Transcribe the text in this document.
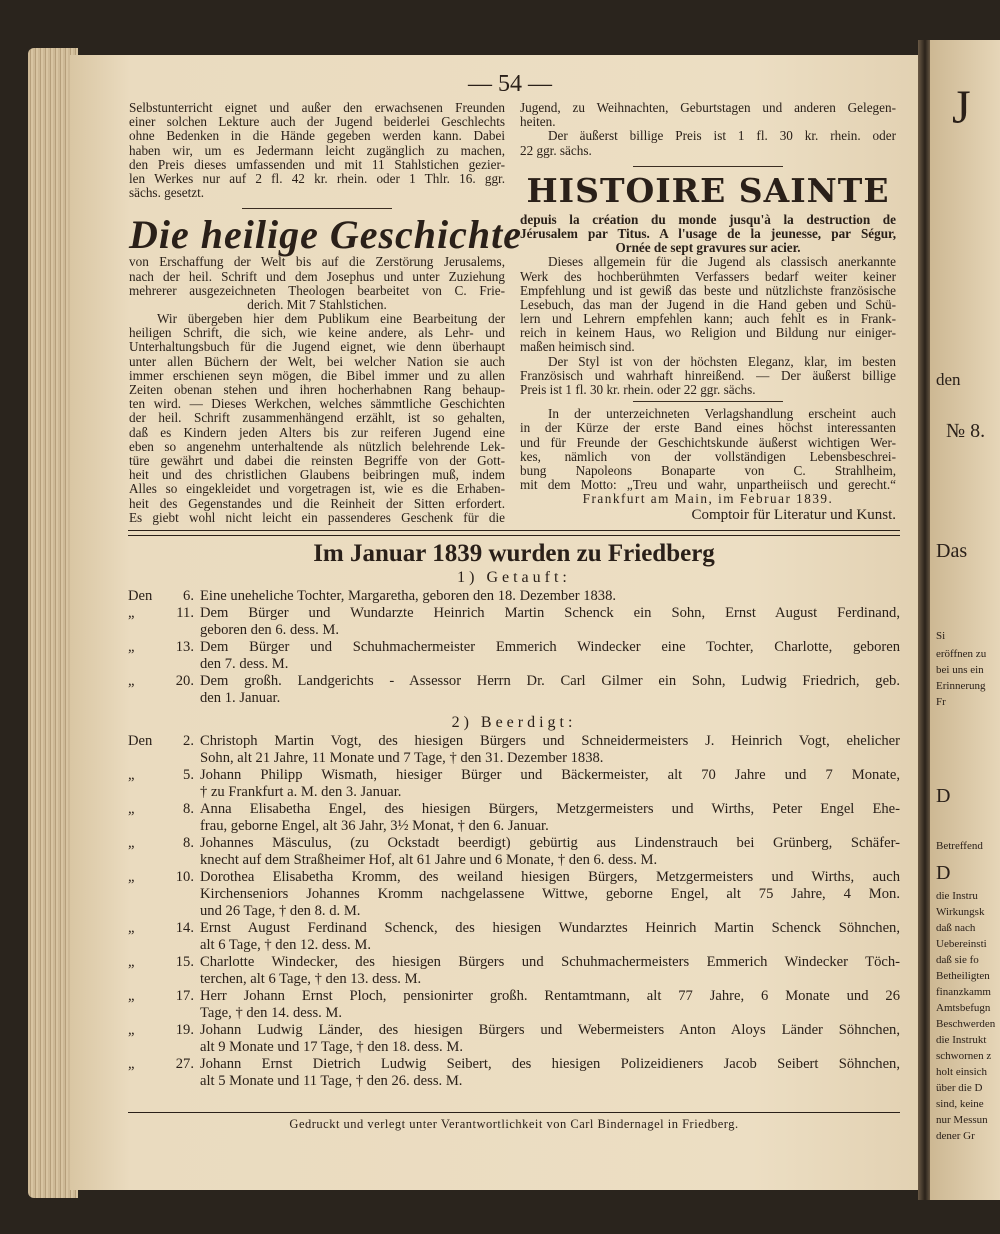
J
den
№ 8.
Das
Si
eröffnen zu
bei uns ein
Erinnerung
Fr
D
Betreffend
D
die Instru
Wirkungsk
daß nach
Uebereinsti
daß sie fo
Betheiligten
finanzkamm
Amtsbefugn
Beschwerden
die Instrukt
schwornen z
holt einsich
über die D
sind, keine
nur Messun
dener Gr
— 54 —
Selbstunterricht eignet und außer den erwachsenen Freunden
einer solchen Lekture auch der Jugend beiderlei Geschlechts
ohne Bedenken in die Hände gegeben werden kann. Dabei
haben wir, um es Jedermann leicht zugänglich zu machen,
den Preis dieses umfassenden und mit 11 Stahlstichen gezier-
len Werkes nur auf 2 fl. 42 kr. rhein. oder 1 Thlr. 16. ggr.
sächs. gesetzt.
Die heilige Geschichte
von Erschaffung der Welt bis auf die Zerstörung Jerusalems,
nach der heil. Schrift und dem Josephus und unter Zuziehung
mehrerer ausgezeichneten Theologen bearbeitet von C. Frie-
derich. Mit 7 Stahlstichen.
Wir übergeben hier dem Publikum eine Bearbeitung der
heiligen Schrift, die sich, wie keine andere, als Lehr- und
Unterhaltungsbuch für die Jugend eignet, wie denn überhaupt
unter allen Büchern der Welt, bei welcher Nation sie auch
immer erschienen seyn mögen, die Bibel immer und zu allen
Zeiten obenan stehen und ihren hocherhabnen Rang behaup-
ten wird. — Dieses Werkchen, welches sämmtliche Geschichten
der heil. Schrift zusammenhängend erzählt, ist so gehalten,
daß es Kindern jeden Alters bis zur reiferen Jugend eine
eben so angenehm unterhaltende als nützlich belehrende Lek-
türe gewährt und dabei die reinsten Begriffe von der Gott-
heit und des christlichen Glaubens beibringen muß, indem
Alles so eingekleidet und vorgetragen ist, wie es die Erhaben-
heit des Gegenstandes und die Reinheit der Sitten erfordert.
Es giebt wohl nicht leicht ein passenderes Geschenk für die
Jugend, zu Weihnachten, Geburtstagen und anderen Gelegen-
heiten.
Der äußerst billige Preis ist 1 fl. 30 kr. rhein. oder
22 ggr. sächs.
HISTOIRE SAINTE
depuis la création du monde jusqu'à la destruction de
Jérusalem par Titus. A l'usage de la jeunesse, par Ségur,
Ornée de sept gravures sur acier.
Dieses allgemein für die Jugend als classisch anerkannte
Werk des hochberühmten Verfassers bedarf weiter keiner
Empfehlung und ist gewiß das beste und nützlichste französische
Lesebuch, das man der Jugend in die Hand geben und Schü-
lern und Lehrern empfehlen kann; auch fehlt es in Frank-
reich in keinem Haus, wo Religion und Bildung nur einiger-
maßen heimisch sind.
Der Styl ist von der höchsten Eleganz, klar, im besten
Französisch und wahrhaft hinreißend. — Der äußerst billige
Preis ist 1 fl. 30 kr. rhein. oder 22 ggr. sächs.
In der unterzeichneten Verlagshandlung erscheint auch
in der Kürze der erste Band eines höchst interessanten
und für Freunde der Geschichtskunde äußerst wichtigen Wer-
kes, nämlich von der vollständigen Lebensbeschrei-
bung Napoleons Bonaparte von C. Strahlheim,
mit dem Motto: „Treu und wahr, unpartheiisch und gerecht.“
Frankfurt am Main, im Februar 1839.
Comptoir für Literatur und Kunst.
Im Januar 1839 wurden zu Friedberg
1) Getauft:
Den	6. Eine uneheliche Tochter, Margaretha, geboren den 18. Dezember 1838.
„	11. Dem Bürger und Wundarzte Heinrich Martin Schenck ein Sohn, Ernst August Ferdinand,
geboren den 6. dess. M.
„	13. Dem Bürger und Schuhmachermeister Emmerich Windecker eine Tochter, Charlotte, geboren
den 7. dess. M.
„	20. Dem großh. Landgerichts - Assessor Herrn Dr. Carl Gilmer ein Sohn, Ludwig Friedrich, geb.
den 1. Januar.
2) Beerdigt:
Den	2. Christoph Martin Vogt, des hiesigen Bürgers und Schneidermeisters J. Heinrich Vogt, ehelicher
Sohn, alt 21 Jahre, 11 Monate und 7 Tage, † den 31. Dezember 1838.
„	5. Johann Philipp Wismath, hiesiger Bürger und Bäckermeister, alt 70 Jahre und 7 Monate,
† zu Frankfurt a. M. den 3. Januar.
„	8. Anna Elisabetha Engel, des hiesigen Bürgers, Metzgermeisters und Wirths, Peter Engel Ehe-
frau, geborne Engel, alt 36 Jahr, 3½ Monat, † den 6. Januar.
„	8. Johannes Mäsculus, (zu Ockstadt beerdigt) gebürtig aus Lindenstrauch bei Grünberg, Schäfer-
knecht auf dem Straßheimer Hof, alt 61 Jahre und 6 Monate, † den 6. dess. M.
„	10. Dorothea Elisabetha Kromm, des weiland hiesigen Bürgers, Metzgermeisters und Wirths, auch
Kirchenseniors Johannes Kromm nachgelassene Wittwe, geborne Engel, alt 75 Jahre, 4 Mon.
und 26 Tage, † den 8. d. M.
„	14. Ernst August Ferdinand Schenck, des hiesigen Wundarztes Heinrich Martin Schenck Söhnchen,
alt 6 Tage, † den 12. dess. M.
„	15. Charlotte Windecker, des hiesigen Bürgers und Schuhmachermeisters Emmerich Windecker Töch-
terchen, alt 6 Tage, † den 13. dess. M.
„	17. Herr Johann Ernst Ploch, pensionirter großh. Rentamtmann, alt 77 Jahre, 6 Monate und 26
Tage, † den 14. dess. M.
„	19. Johann Ludwig Länder, des hiesigen Bürgers und Webermeisters Anton Aloys Länder Söhnchen,
alt 9 Monate und 17 Tage, † den 18. dess. M.
„	27. Johann Ernst Dietrich Ludwig Seibert, des hiesigen Polizeidieners Jacob Seibert Söhnchen,
alt 5 Monate und 11 Tage, † den 26. dess. M.
Gedruckt und verlegt unter Verantwortlichkeit von Carl Bindernagel in Friedberg.
